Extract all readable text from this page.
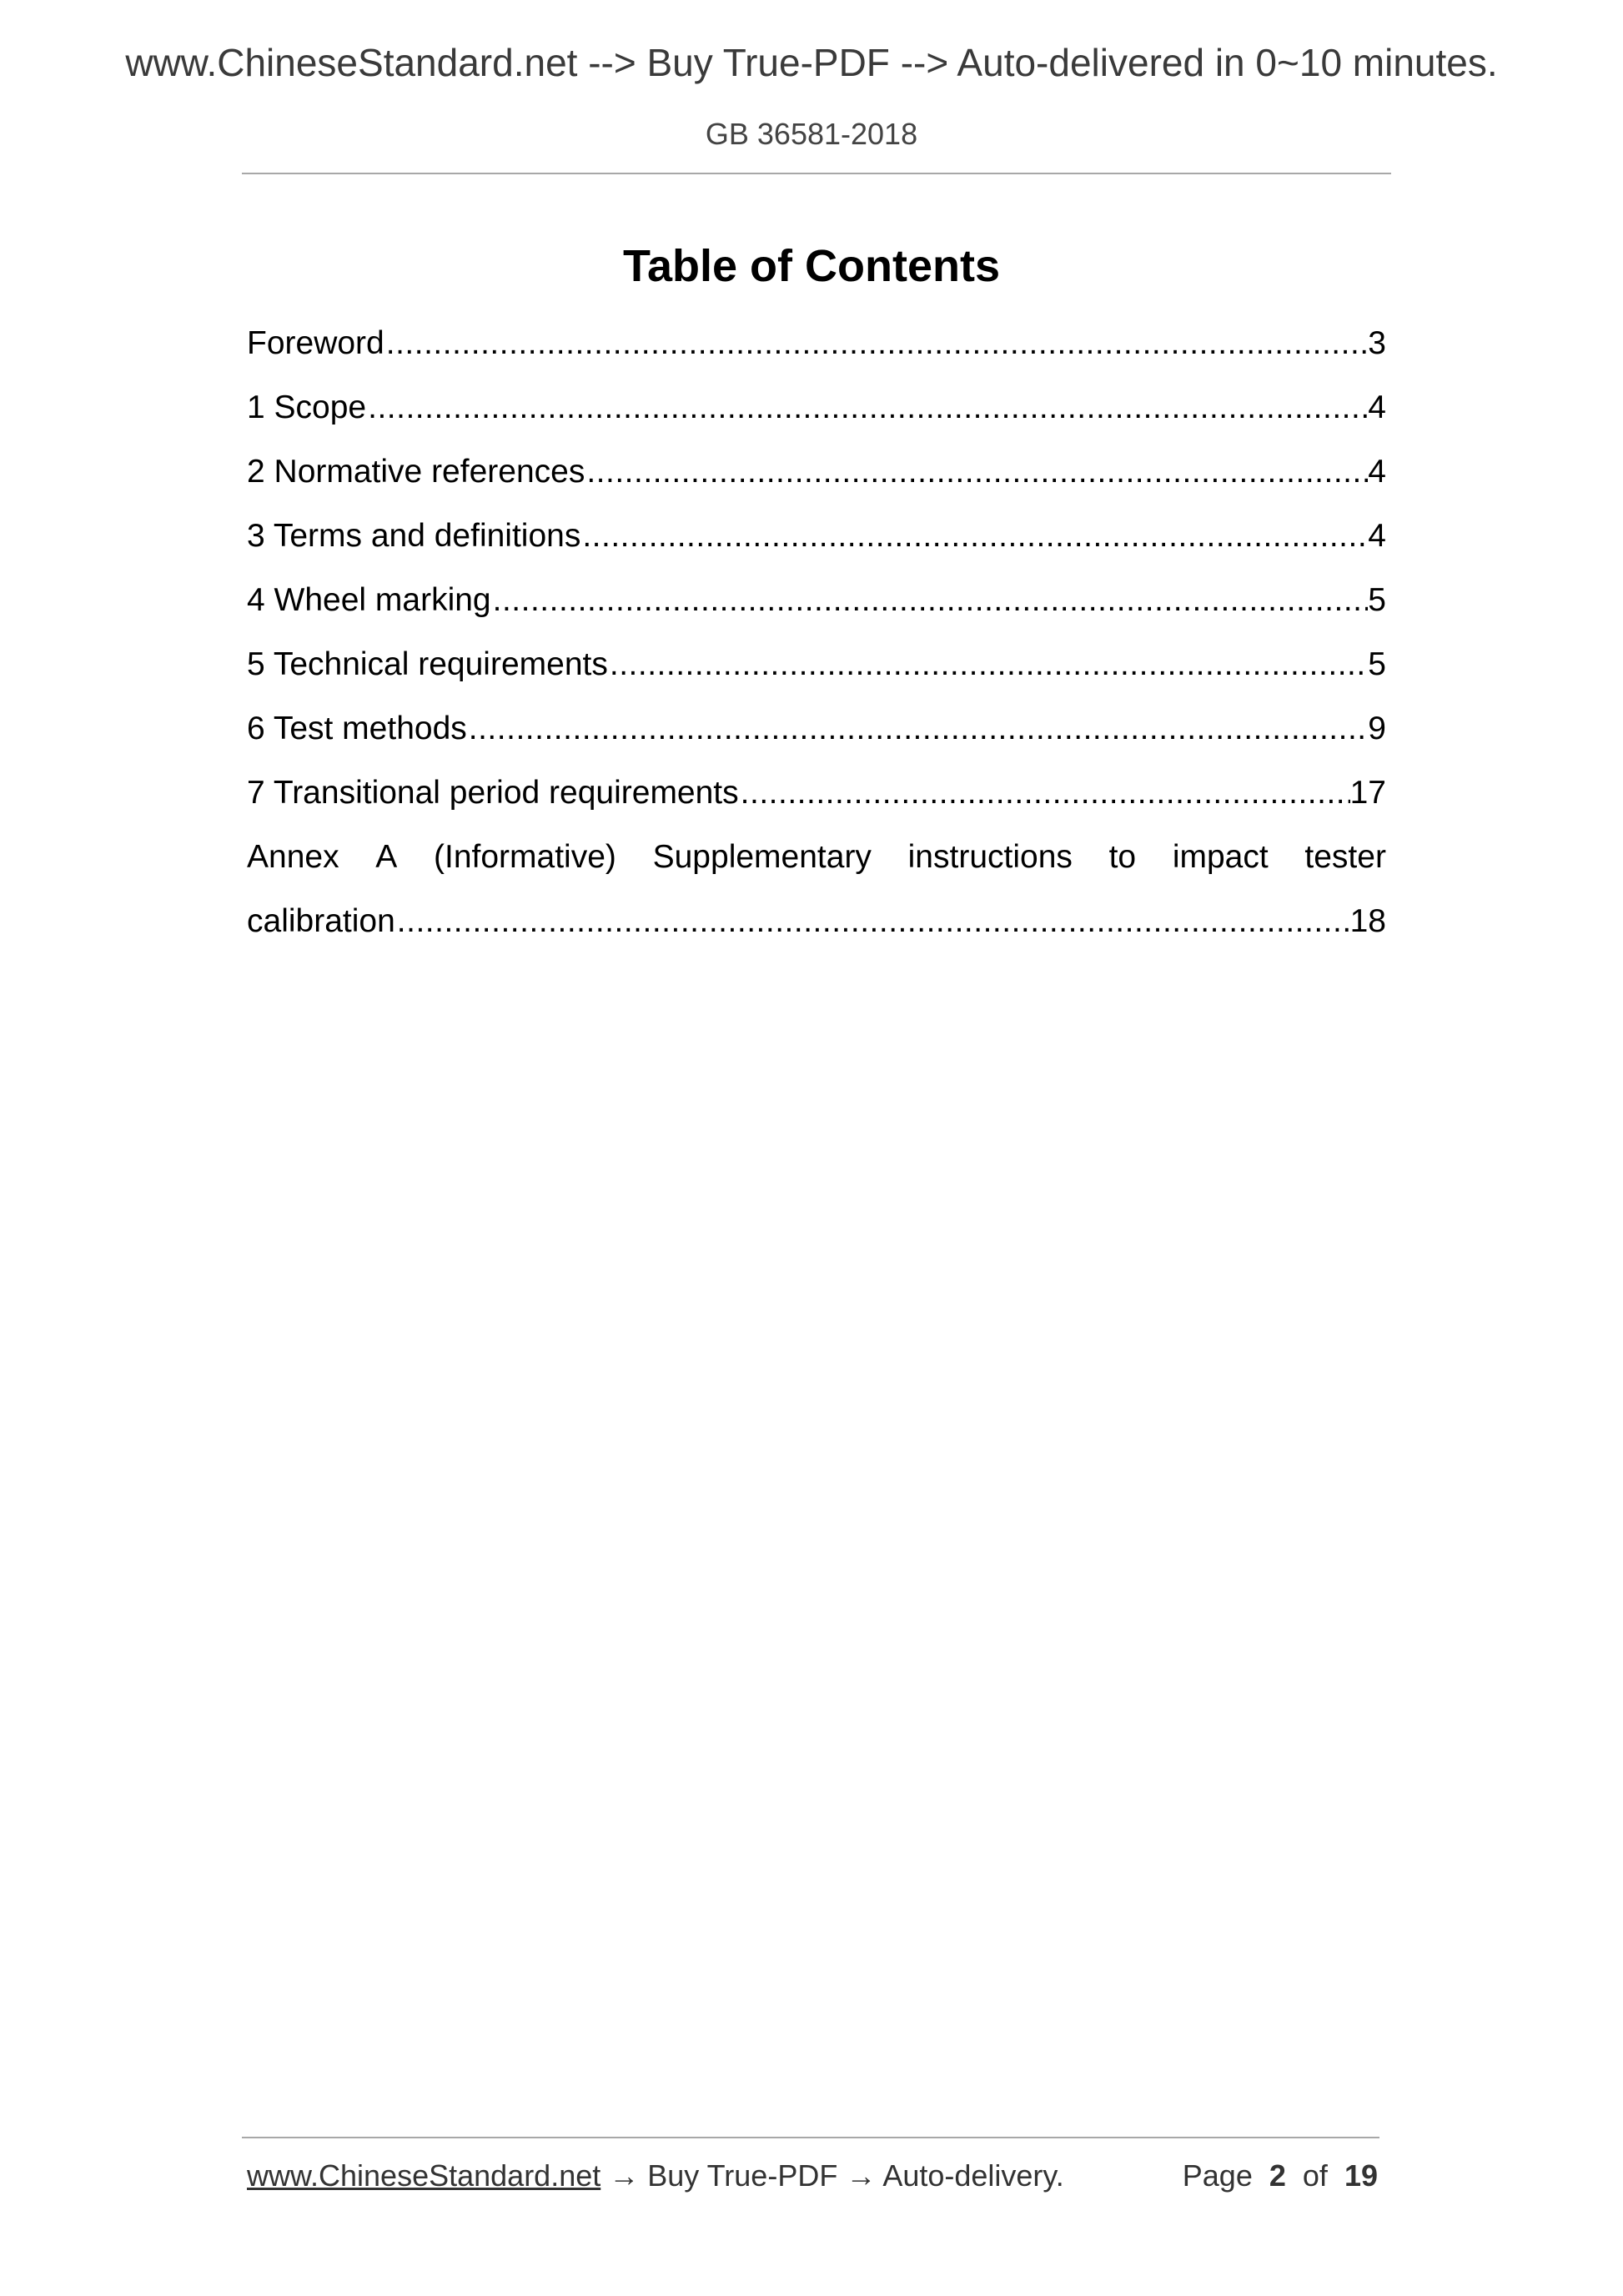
www.ChineseStandard.net --> Buy True-PDF --> Auto-delivered in 0~10 minutes.
GB 36581-2018
Table of Contents
Foreword .....	3
1 Scope .....	4
2 Normative references .....	4
3 Terms and definitions .....	4
4 Wheel marking .....	5
5 Technical requirements .....	5
6 Test methods .....	9
7 Transitional period requirements .....	17
Annex A (Informative) Supplementary instructions to impact tester
calibration .....	18
www.ChineseStandard.net → Buy True-PDF → Auto-delivery.	Page 2 of 19
